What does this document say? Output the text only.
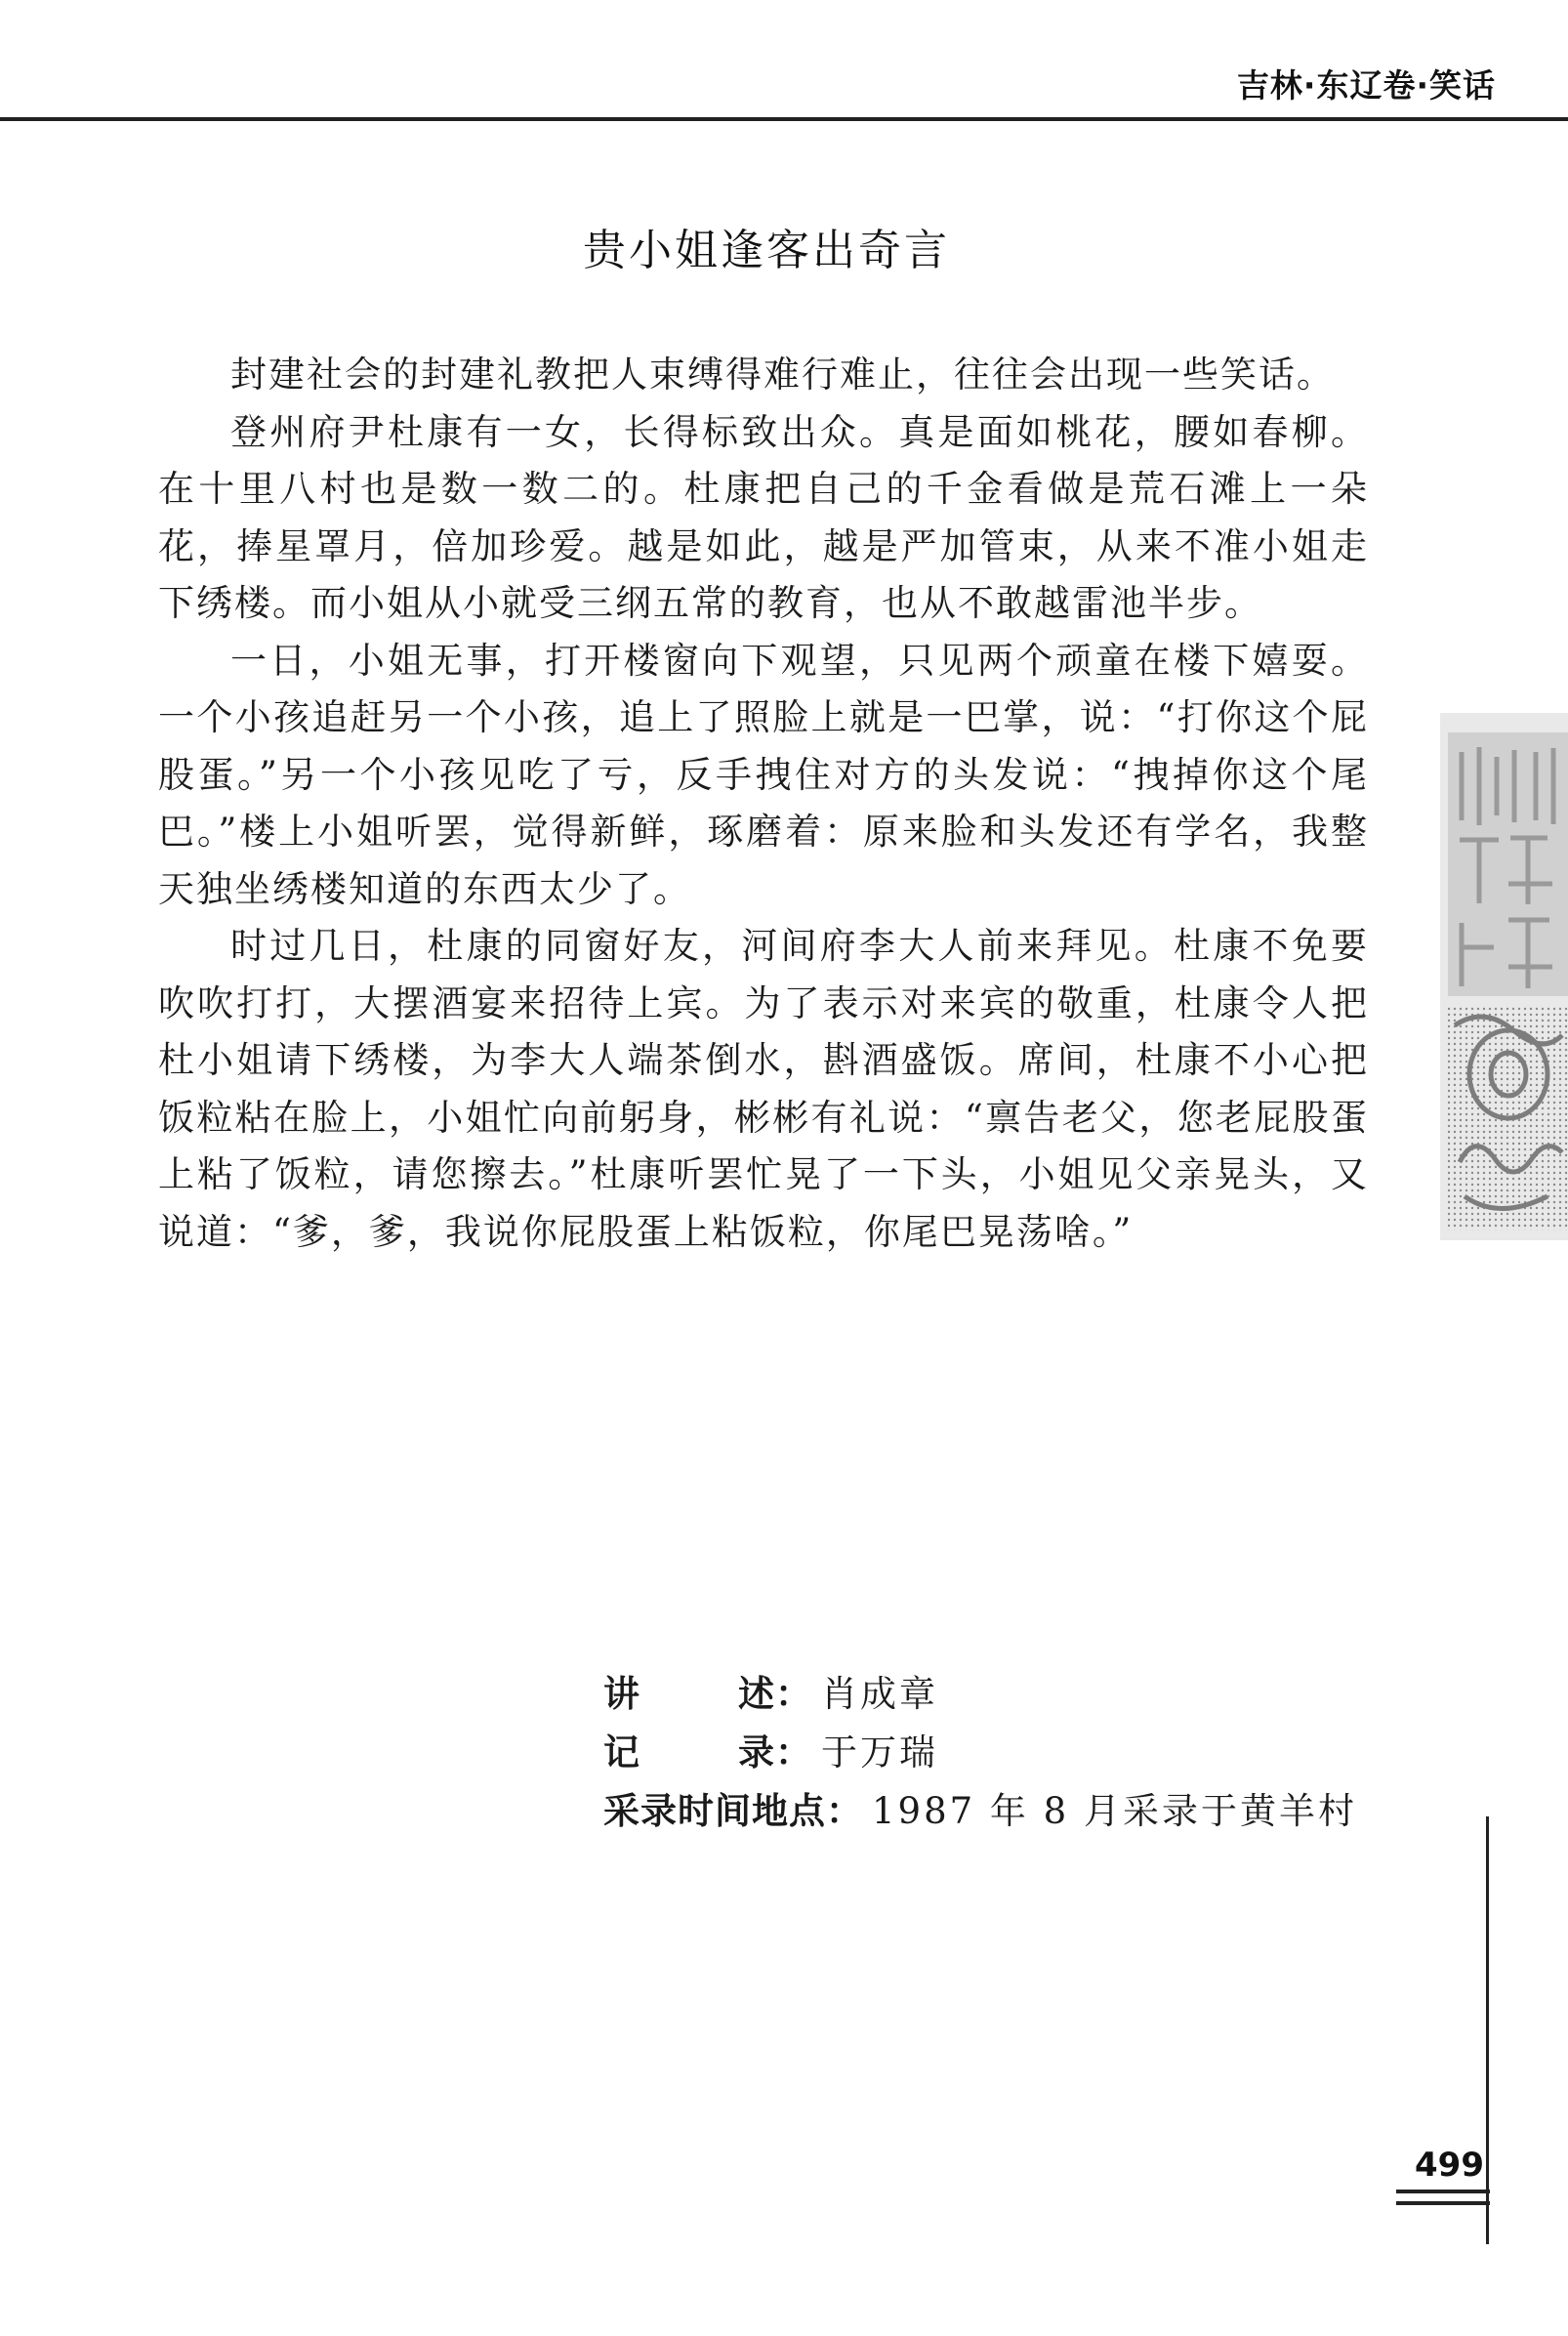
吉林·东辽卷·笑话
贵小姐逢客出奇言

封建社会的封建礼教把人束缚得难行难止，往往会出现一些笑话。

登州府尹杜康有一女，长得标致出众。真是面如桃花，腰如春柳。在十里八村也是数一数二的。杜康把自己的千金看做是荒石滩上一朵花，捧星罩月，倍加珍爱。越是如此，越是严加管束，从来不准小姐走下绣楼。而小姐从小就受三纲五常的教育，也从不敢越雷池半步。

一日，小姐无事，打开楼窗向下观望，只见两个顽童在楼下嬉耍。一个小孩追赶另一个小孩，追上了照脸上就是一巴掌，说：“打你这个屁股蛋。”另一个小孩见吃了亏，反手拽住对方的头发说：“拽掉你这个尾巴。”楼上小姐听罢，觉得新鲜，琢磨着：原来脸和头发还有学名，我整天独坐绣楼知道的东西太少了。

时过几日，杜康的同窗好友，河间府李大人前来拜见。杜康不免要吹吹打打，大摆酒宴来招待上宾。为了表示对来宾的敬重，杜康令人把杜小姐请下绣楼，为李大人端茶倒水，斟酒盛饭。席间，杜康不小心把饭粒粘在脸上，小姐忙向前躬身，彬彬有礼说：“禀告老父，您老屁股蛋上粘了饭粒，请您擦去。”杜康听罢忙晃了一下头，小姐见父亲晃头，又说道：“爹，爹，我说你屁股蛋上粘饭粒，你尾巴晃荡啥。”

讲述 ： 肖成章
记录 ： 于万瑞
采录时间地点 ： 1987 年 8 月采录于黄羊村
499
